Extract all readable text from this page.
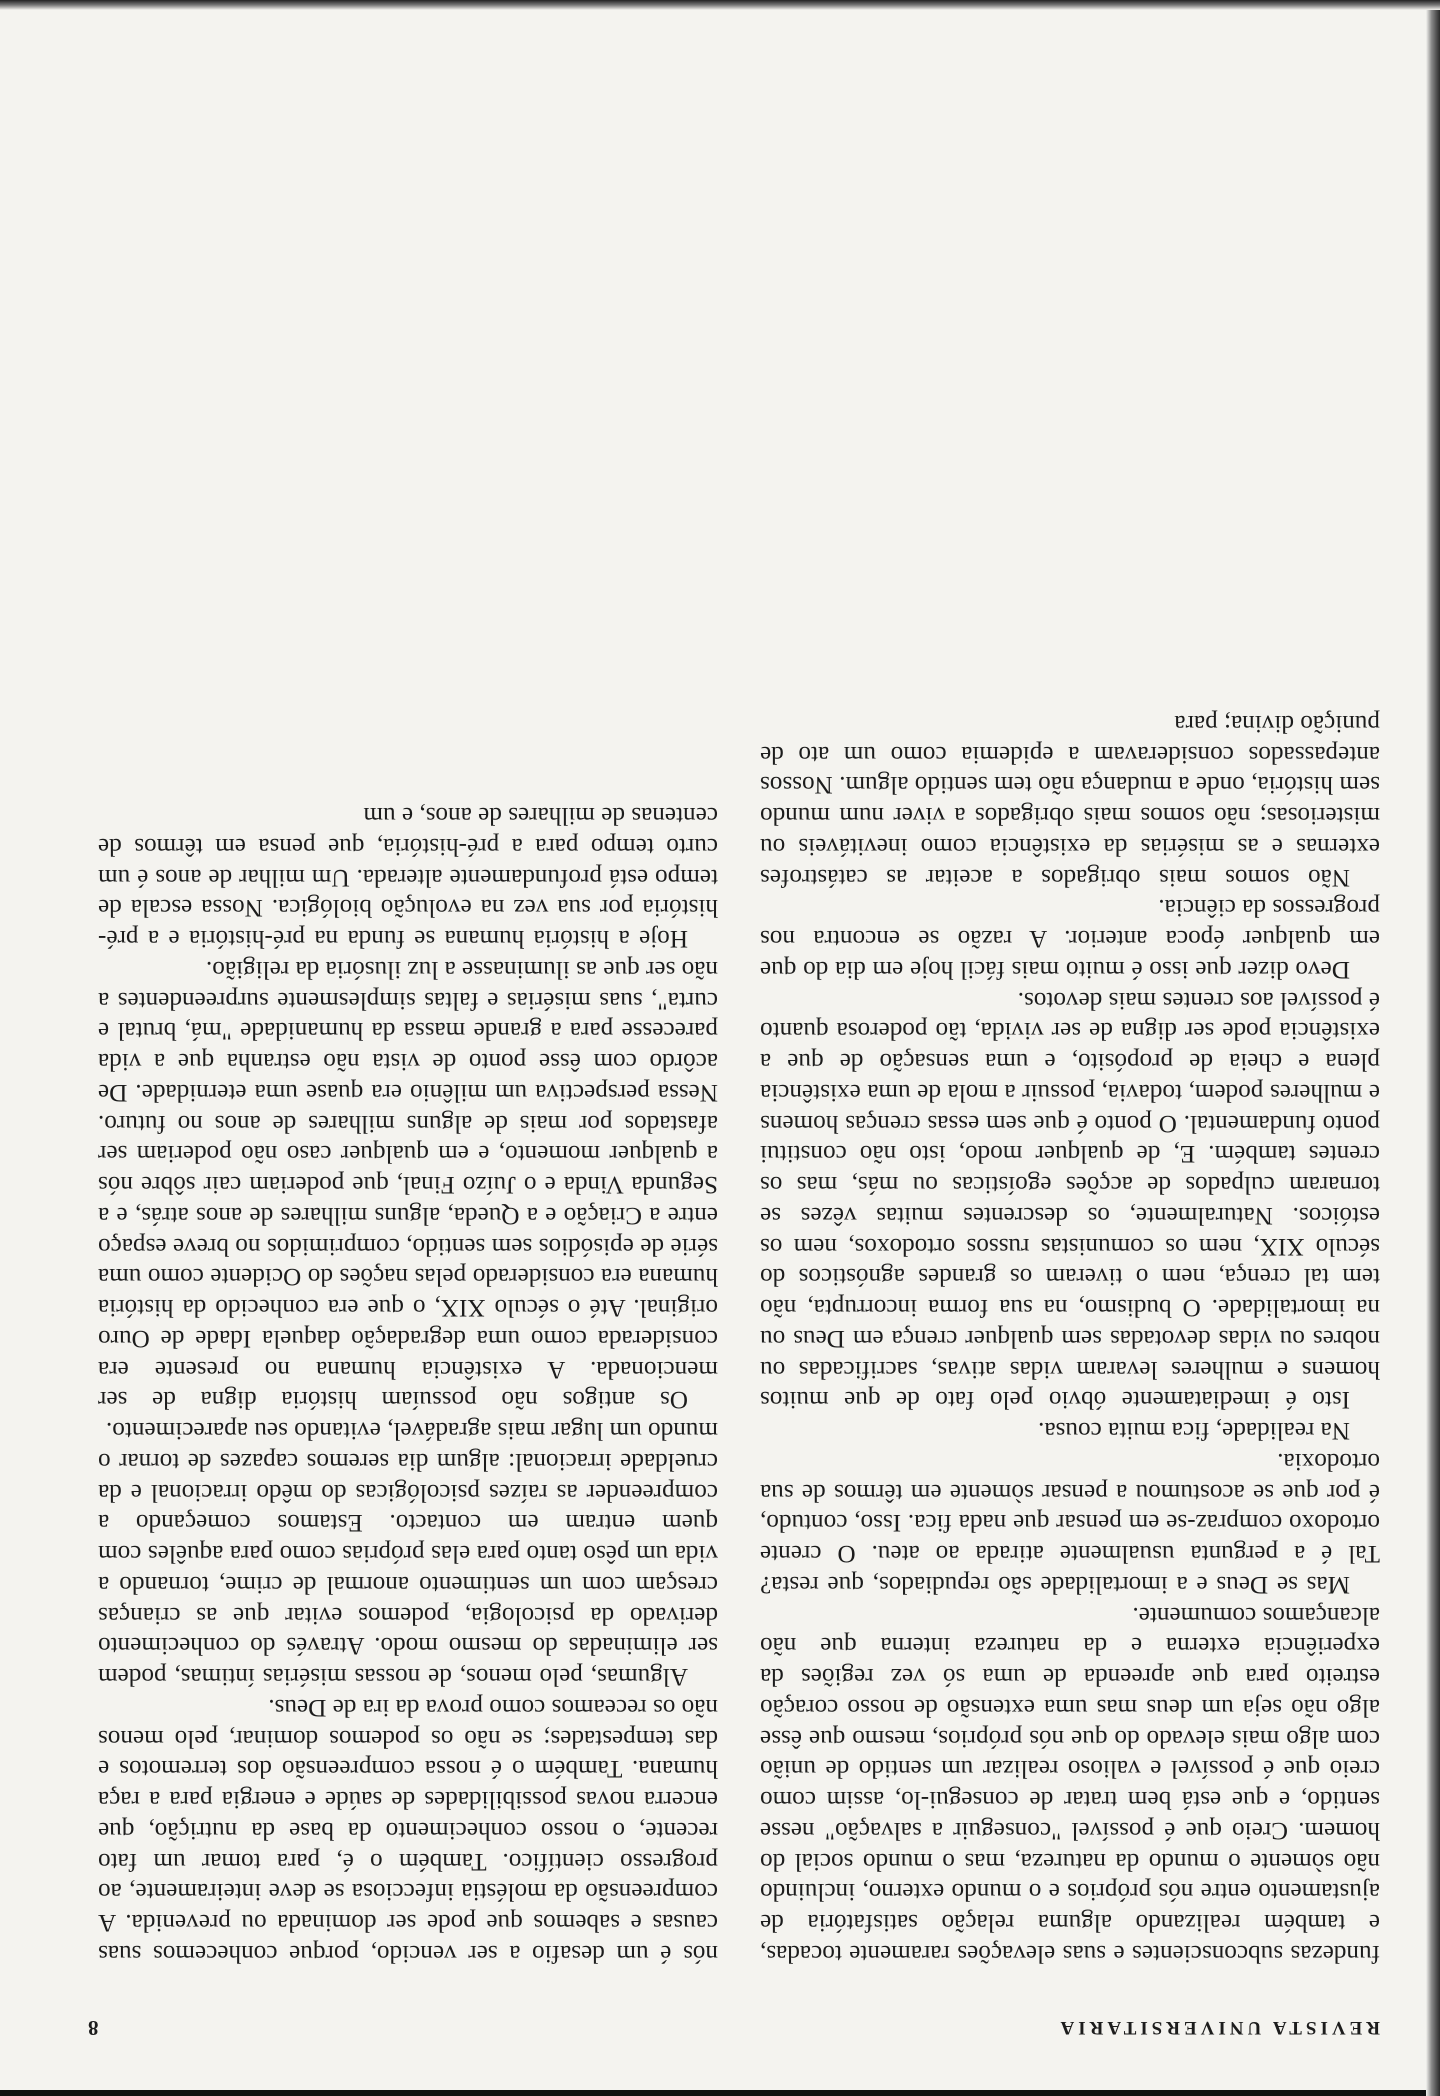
REVISTA UNIVERSITARIA
8

fundezas subconscientes e suas elevações raramente tocadas, e também realizando alguma relação satisfatória de ajustamento entre nós próprios e o mundo externo, incluindo não sòmente o mundo da natureza, mas o mundo social do homem. Creio que é possível "conseguir a salvação" nesse sentido, e que está bem tratar de consegui-lo, assim como creio que é possível e valioso realizar um sentido de união com algo mais elevado do que nós próprios, mesmo que êsse algo não seja um deus mas uma extensão de nosso coração estreito para que apreenda de uma só vez regiões da experiência externa e da natureza interna que não alcançamos comumente.

Mas se Deus e a imortalidade são repudiados, que resta? Tal é a pergunta usualmente atirada ao ateu. O crente ortodoxo compraz-se em pensar que nada fica. Isso, contudo, é por que se acostumou a pensar sòmente em têrmos de sua ortodoxia.

Na realidade, fica muita cousa.

Isto é imediatamente óbvio pelo fato de que muitos homens e mulheres levaram vidas ativas, sacrificadas ou nobres ou vidas devotadas sem qualquer crença em Deus ou na imortalidade. O budismo, na sua forma incorrupta, não tem tal crença, nem o tiveram os grandes agnósticos do século XIX, nem os comunistas russos ortodoxos, nem os estóicos. Naturalmente, os descrentes muitas vêzes se tornaram culpados de acções egoísticas ou más, mas os crentes também. E, de qualquer modo, isto não constitui ponto fundamental. O ponto é que sem essas crenças homens e mulheres podem, todavia, possuir a mola de uma existência plena e cheia de propósito, e uma sensação de que a existência pode ser digna de ser vivida, tão poderosa quanto é possível aos crentes mais devotos.

Devo dizer que isso é muito mais fácil hoje em dia do que em qualquer época anterior. A razão se encontra nos progressos da ciência.

Não somos mais obrigados a aceitar as catástrofes externas e as misérias da existência como inevitáveis ou misteriosas; não somos mais obrigados a viver num mundo sem história, onde a mudança não tem sentido algum. Nossos antepassados consideravam a epidemia como um ato de punição divina; para

nós é um desafio a ser vencido, porque conhecemos suas causas e sabemos que pode ser dominada ou prevenida. A compreensão da moléstia infecciosa se deve inteiramente, ao progresso científico. Também o é, para tomar um fato recente, o nosso conhecimento da base da nutrição, que encerra novas possibilidades de saúde e energia para a raça humana. Também o é nossa compreensão dos terremotos e das tempestades; se não os podemos dominar, pelo menos não os receamos como prova da ira de Deus.

Algumas, pelo menos, de nossas misérias íntimas, podem ser eliminadas do mesmo modo. Através do conhecimento derivado da psicologia, podemos evitar que as crianças cresçam com um sentimento anormal de crime, tornando a vida um pêso tanto para elas próprias como para aquêles com quem entram em contacto. Estamos começando a compreender as raízes psicológicas do mêdo irracional e da crueldade irracional: algum dia seremos capazes de tornar o mundo um lugar mais agradável, evitando seu aparecimento.

Os antigos não possuíam história digna de ser mencionada. A existência humana no presente era considerada como uma degradação daquela Idade de Ouro original. Até o século XIX, o que era conhecido da história humana era considerado pelas nações do Ocidente como uma série de episódios sem sentido, comprimidos no breve espaço entre a Criação e a Queda, alguns milhares de anos atrás, e a Segunda Vinda e o Juízo Final, que poderiam cair sôbre nós a qualquer momento, e em qualquer caso não poderiam ser afastados por mais de alguns milhares de anos no futuro. Nessa perspectiva um milênio era quase uma eternidade. De acôrdo com êsse ponto de vista não estranha que a vida parecesse para a grande massa da humanidade "má, brutal e curta", suas misérias e faltas simplesmente surpreendentes a não ser que as iluminasse a luz ilusória da religião.

Hoje a história humana se funda na pré-história e a pré-história por sua vez na evolução biológica. Nossa escala de tempo está profundamente alterada. Um milhar de anos é um curto tempo para a pré-história, que pensa em têrmos de centenas de milhares de anos, e um
